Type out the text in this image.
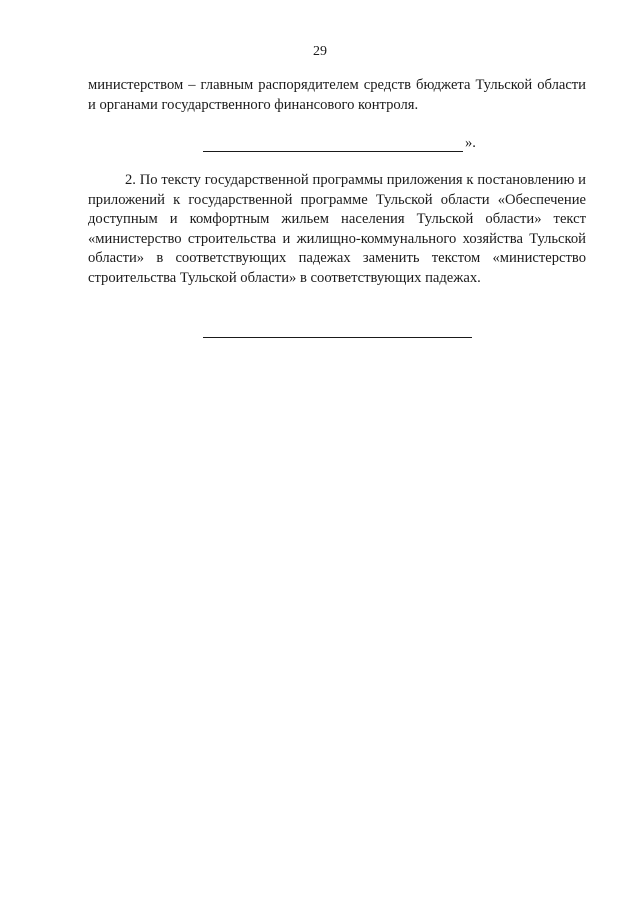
29

министерством – главным распорядителем средств бюджета Тульской области и органами государственного финансового контроля.

».

2. По тексту государственной программы приложения к постановлению и приложений к государственной программе Тульской области «Обеспечение доступным и комфортным жильем населения Тульской области» текст «министерство строительства и жилищно-коммунального хозяйства Тульской области» в соответствующих падежах заменить текстом «министерство строительства Тульской области» в соответствующих падежах.
